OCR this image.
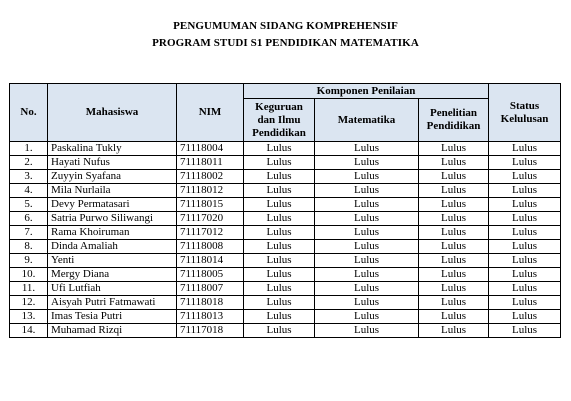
PENGUMUMAN SIDANG KOMPREHENSIF
PROGRAM STUDI S1 PENDIDIKAN MATEMATIKA
No.	Mahasiswa	NIM	Komponen Penilaian			Status Kelulusan
			Keguruan dan Ilmu Pendidikan	Matematika	Penelitian Pendidikan	
1.	Paskalina Tukly	71118004	Lulus	Lulus	Lulus	Lulus
2.	Hayati Nufus	71118011	Lulus	Lulus	Lulus	Lulus
3.	Zuyyin Syafana	71118002	Lulus	Lulus	Lulus	Lulus
4.	Mila Nurlaila	71118012	Lulus	Lulus	Lulus	Lulus
5.	Devy Permatasari	71118015	Lulus	Lulus	Lulus	Lulus
6.	Satria Purwo Siliwangi	71117020	Lulus	Lulus	Lulus	Lulus
7.	Rama Khoiruman	71117012	Lulus	Lulus	Lulus	Lulus
8.	Dinda Amaliah	71118008	Lulus	Lulus	Lulus	Lulus
9.	Yenti	71118014	Lulus	Lulus	Lulus	Lulus
10.	Mergy Diana	71118005	Lulus	Lulus	Lulus	Lulus
11.	Ufi Lutfiah	71118007	Lulus	Lulus	Lulus	Lulus
12.	Aisyah Putri Fatmawati	71118018	Lulus	Lulus	Lulus	Lulus
13.	Imas Tesia Putri	71118013	Lulus	Lulus	Lulus	Lulus
14.	Muhamad Rizqi	71117018	Lulus	Lulus	Lulus	Lulus
